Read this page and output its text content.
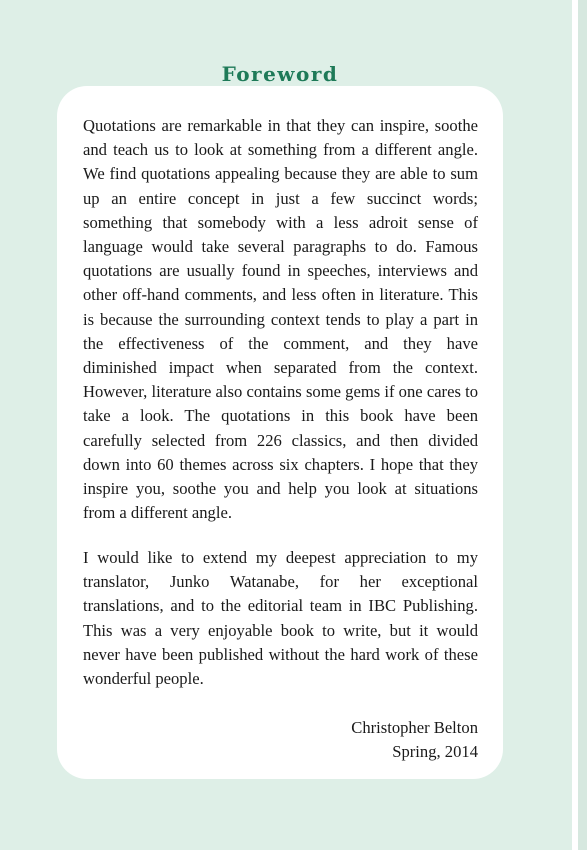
Foreword

Quotations are remarkable in that they can inspire, soothe and teach us to look at something from a different angle. We find quotations appealing because they are able to sum up an entire concept in just a few succinct words; something that somebody with a less adroit sense of language would take several paragraphs to do. Famous quotations are usually found in speeches, interviews and other off-hand comments, and less often in literature. This is because the surrounding context tends to play a part in the effectiveness of the comment, and they have diminished impact when separated from the context. However, literature also contains some gems if one cares to take a look. The quotations in this book have been carefully selected from 226 classics, and then divided down into 60 themes across six chapters. I hope that they inspire you, soothe you and help you look at situations from a different angle.

I would like to extend my deepest appreciation to my translator, Junko Watanabe, for her exceptional translations, and to the editorial team in IBC Publishing. This was a very enjoyable book to write, but it would never have been published without the hard work of these wonderful people.

Christopher Belton
Spring, 2014
